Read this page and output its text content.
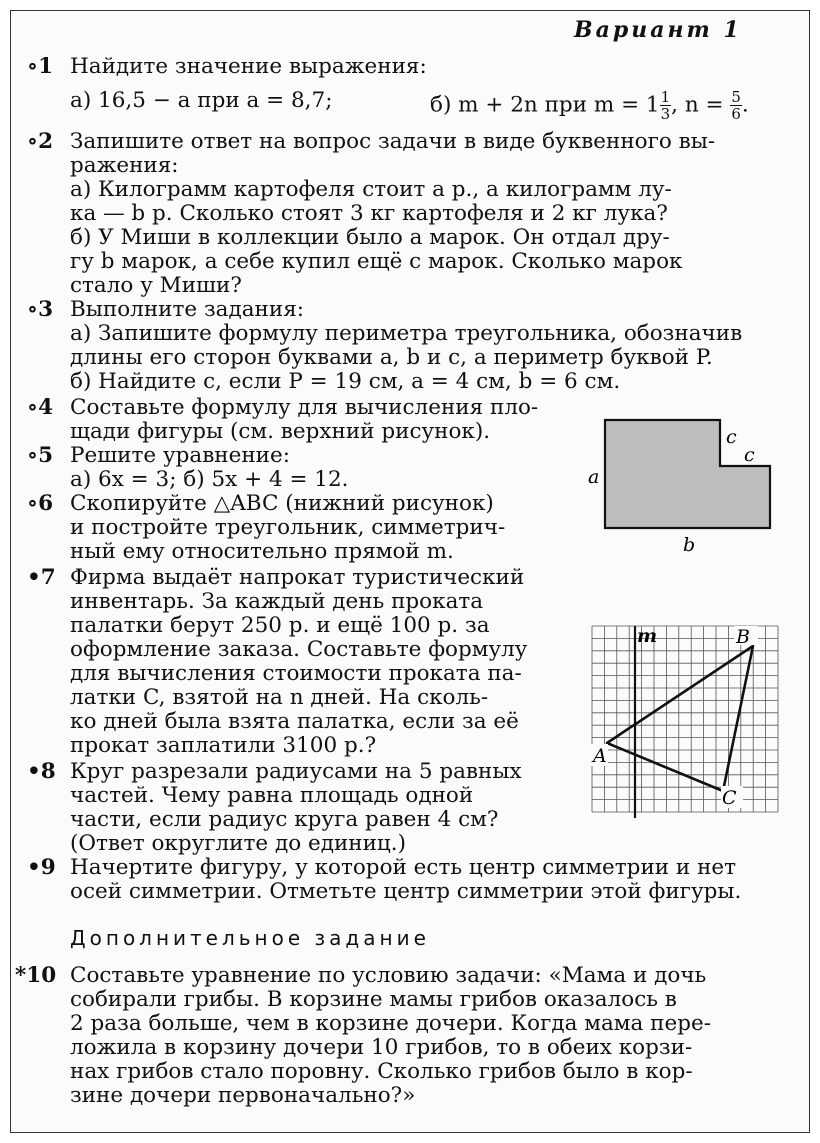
Вариант 1
∘1 Найдите значение выражения:
а) 16,5 − a при a = 8,7;	б) m + 2n при $m = 1 \frac{1}{3}$ , $n = \frac{5}{6}$ .
∘2 Запишите ответ на вопрос задачи в виде буквенного вы-
ражения:
а) Килограмм картофеля стоит a р., а килограмм лу-
ка — b р. Сколько стоят 3 кг картофеля и 2 кг лука?
б) У Миши в коллекции было a марок. Он отдал дру-
гу b марок, а себе купил ещё c марок. Сколько марок
стало у Миши?
∘3 Выполните задания:
а) Запишите формулу периметра треугольника, обозначив
длины его сторон буквами a, b и c, а периметр буквой P.
б) Найдите c, если P = 19 см, a = 4 см, b = 6 см.
∘4 Составьте формулу для вычисления пло-
щади фигуры (см. верхний рисунок).
∘5 Решите уравнение:
а) 6x = 3; б) 5x + 4 = 12.
∘6 Скопируйте △ABC (нижний рисунок)
и постройте треугольник, симметрич-
ный ему относительно прямой m.
•7 Фирма выдаёт напрокат туристический
инвентарь. За каждый день проката
палатки берут 250 р. и ещё 100 р. за
оформление заказа. Составьте формулу
для вычисления стоимости проката па-
латки C, взятой на n дней. На сколь-
ко дней была взята палатка, если за её
прокат заплатили 3100 р.?
•8 Круг разрезали радиусами на 5 равных
частей. Чему равна площадь одной
части, если радиус круга равен 4 см?
(Ответ округлите до единиц.)
•9 Начертите фигуру, у которой есть центр симметрии и нет
осей симметрии. Отметьте центр симметрии этой фигуры.
Дополнительное задание
*10 Составьте уравнение по условию задачи: «Мама и дочь
собирали грибы. В корзине мамы грибов оказалось в
2 раза больше, чем в корзине дочери. Когда мама пере-
ложила в корзину дочери 10 грибов, то в обеих корзи-
нах грибов стало поровну. Сколько грибов было в кор-
зине дочери первоначально?»
a
b
c
c
m
A
B
C
